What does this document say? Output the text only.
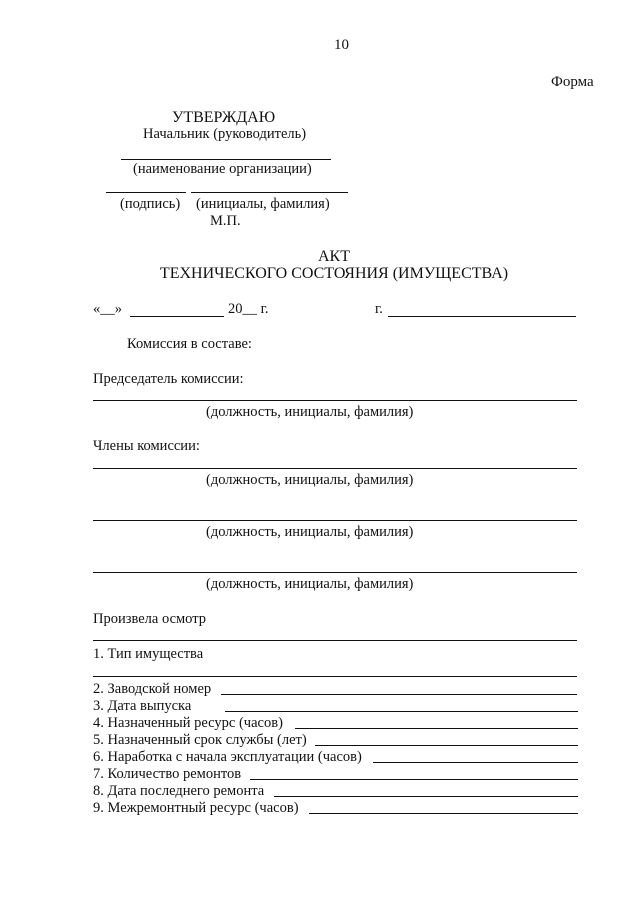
10
Форма
УТВЕРЖДАЮ
Начальник (руководитель)
(наименование организации)
(подпись) (инициалы, фамилия)
М.П.
АКТ
ТЕХНИЧЕСКОГО СОСТОЯНИЯ (ИМУЩЕСТВА)
«__»	20__ г.	г.
Комиссия в составе:
Председатель комиссии:
(должность, инициалы, фамилия)
Члены комиссии:
(должность, инициалы, фамилия)
(должность, инициалы, фамилия)
(должность, инициалы, фамилия)
Произвела осмотр
1. Тип имущества
2. Заводской номер
3. Дата выпуска
4. Назначенный ресурс (часов)
5. Назначенный срок службы (лет)
6. Наработка с начала эксплуатации (часов)
7. Количество ремонтов
8. Дата последнего ремонта
9. Межремонтный ресурс (часов)
